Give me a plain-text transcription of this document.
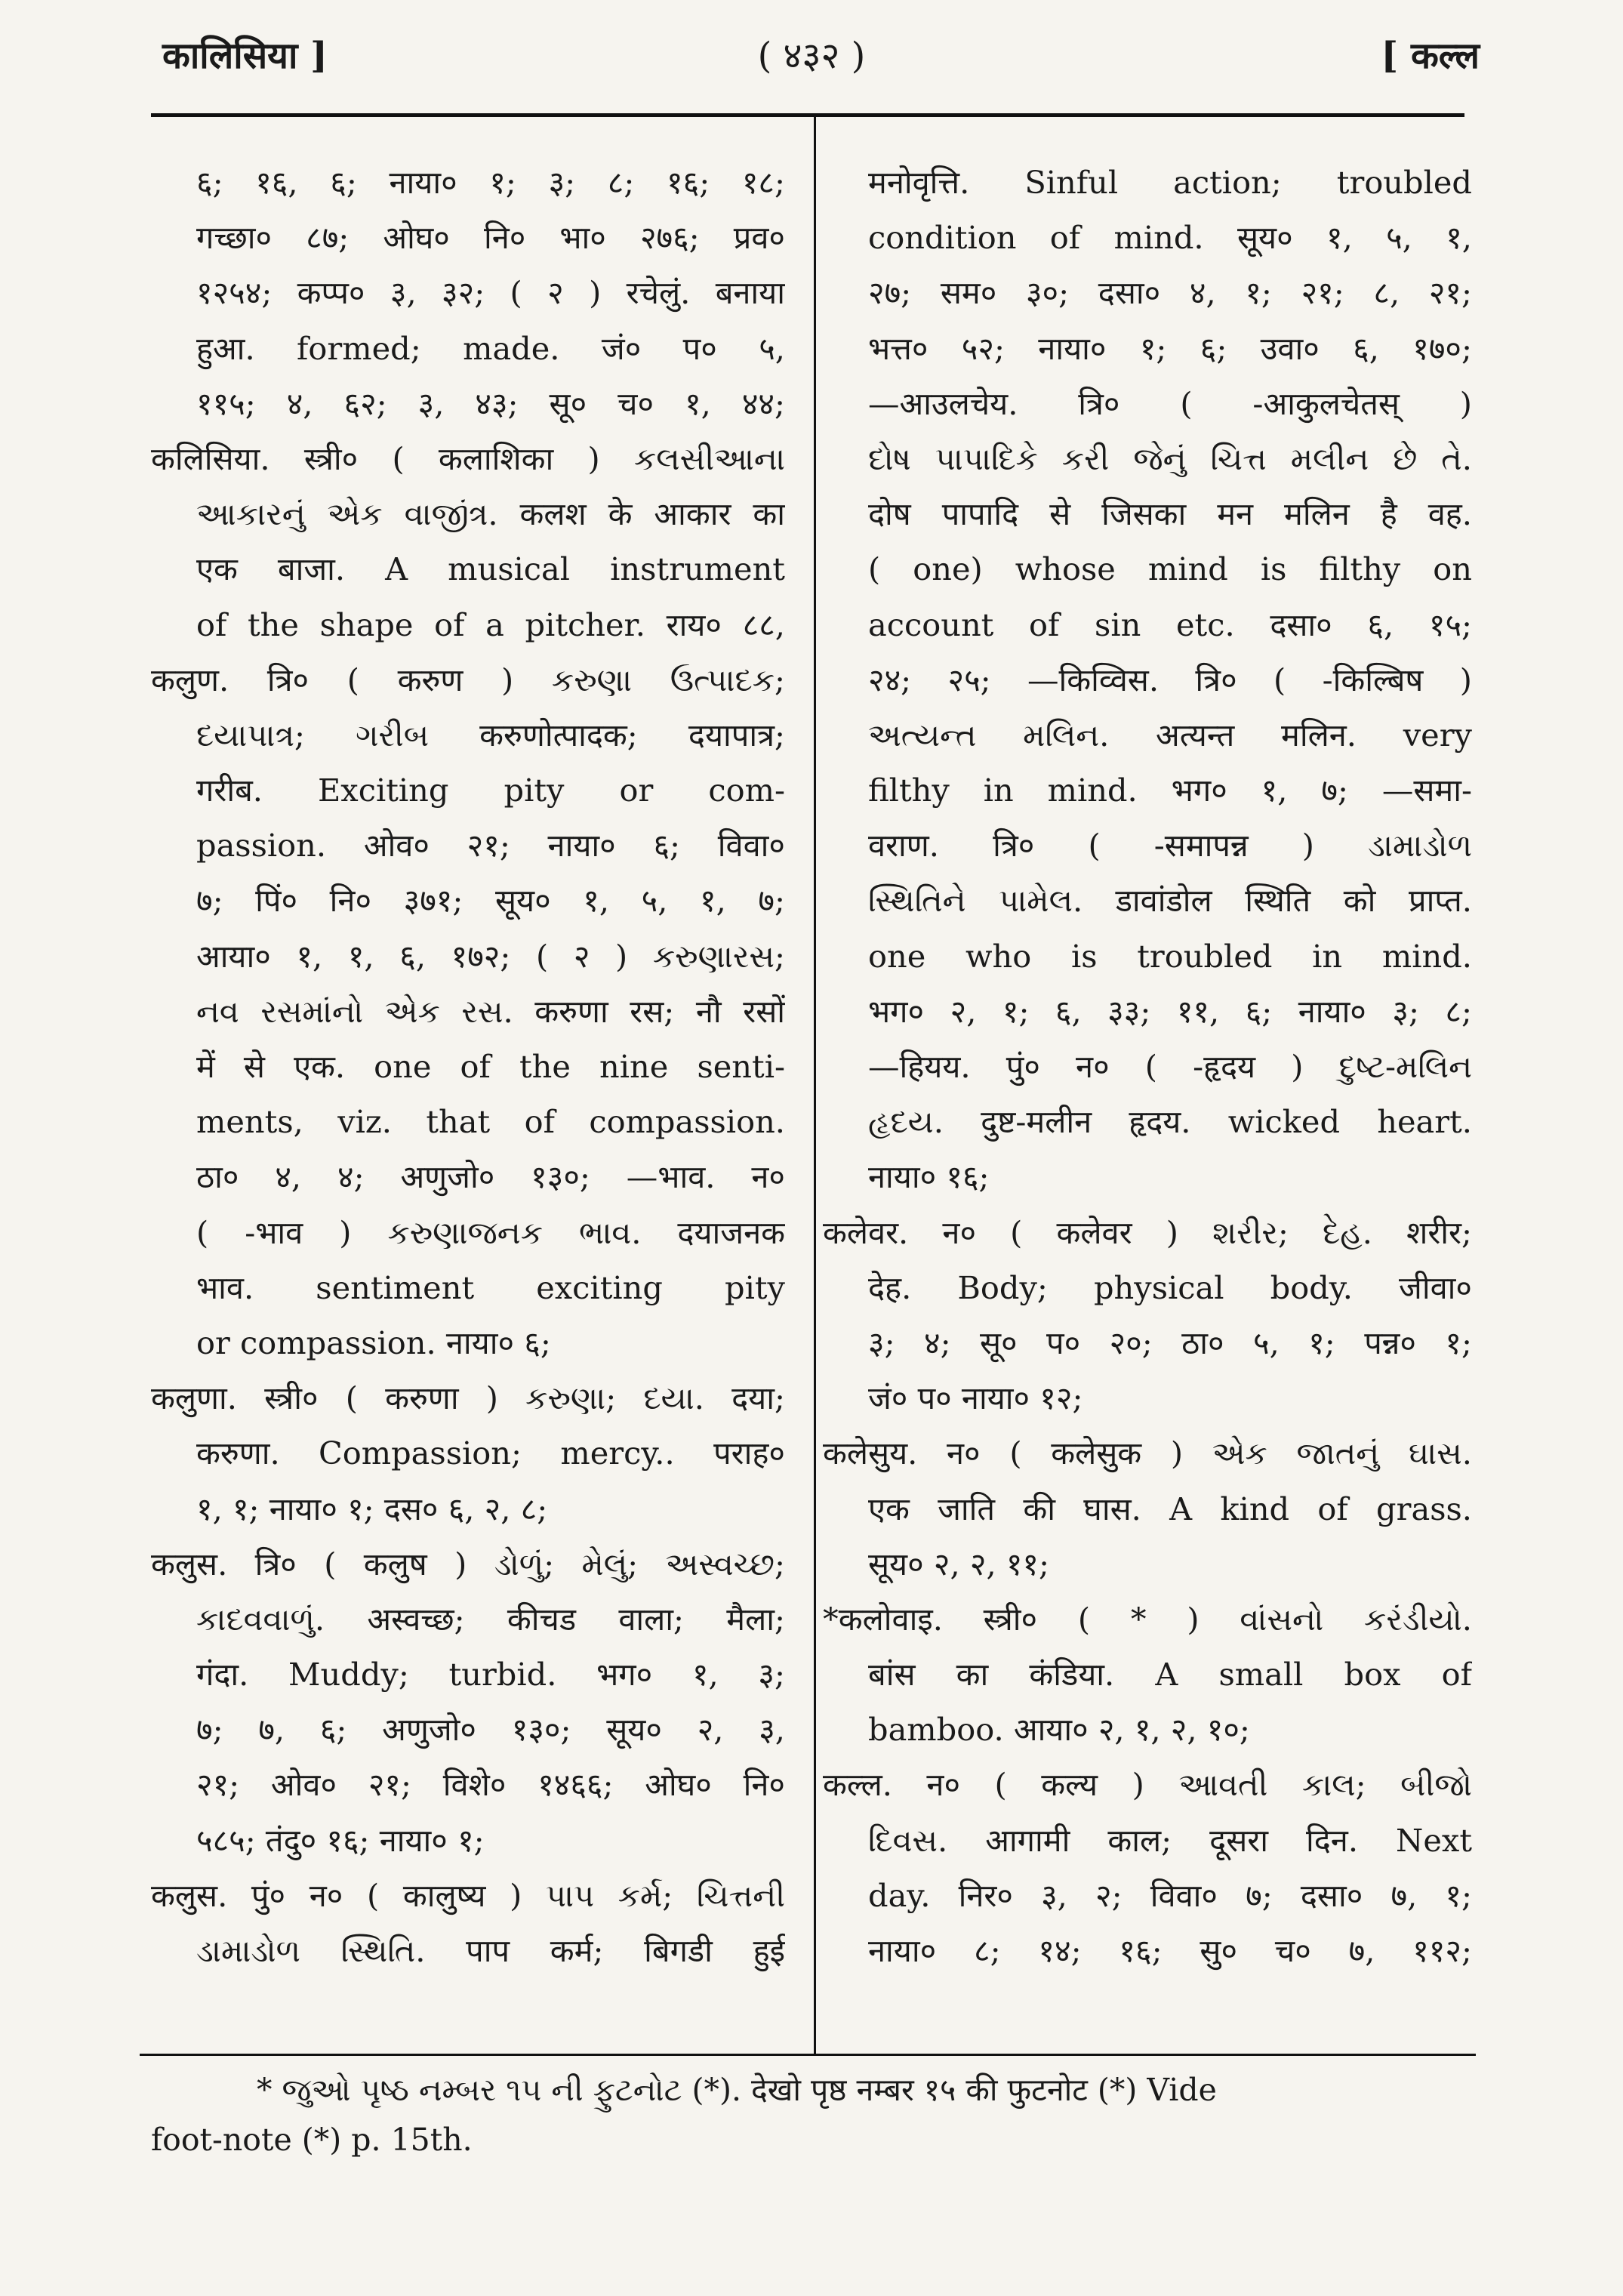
कालिसिया ]	( ४३२ )	[ कल्ल
६; १६, ६; नाया० १; ३; ८; १६; १८;
गच्छा० ८७; ओघ० नि० भा० २७६; प्रव०
१२५४; कप्प० ३, ३२; ( २ ) रचेलुं. बनाया
हुआ. formed; made. जं० प० ५,
११५; ४, ६२; ३, ४३; सू० च० १, ४४;
कलिसिया. स्त्री० ( कलाशिका ) કલસીઆના
આકારનું એક વાજીંત્ર. कलश के आकार का
एक बाजा. A musical instrument
of the shape of a pitcher. राय० ८८,
कलुण. त्रि० ( करुण ) કરુણા ઉત્પાદક;
દયાપાત્ર; ગરીબ करुणोत्पादक; दयापात्र;
गरीब. Exciting pity or com-
passion. ओव० २१; नाया० ६; विवा०
७; पिं० नि० ३७१; सूय० १, ५, १, ७;
आया० १, १, ६, १७२; ( २ ) કરુણારસ;
નવ રસમાંનો એક રસ. करुणा रस; नौ रसों
में से एक. one of the nine senti-
ments, viz. that of compassion.
ठा० ४, ४; अणुजो० १३०; —भाव. न०
( -भाव ) કરુણાજનક ભાવ. दयाजनक
भाव. sentiment exciting pity
or compassion. नाया० ६;
कलुणा. स्त्री० ( करुणा ) કરુણા; દયા. दया;
करुणा. Compassion; mercy.. पराह०
१, १; नाया० १; दस० ६, २, ८;
कलुस. त्रि० ( कलुष ) ડોળું; મેલું; અસ્વચ્છ;
કાદવવાળું. अस्वच्छ; कीचड वाला; मैला;
गंदा. Muddy; turbid. भग० १, ३;
७; ७, ६; अणुजो० १३०; सूय० २, ३,
२१; ओव० २१; विशे० १४६६; ओघ० नि०
५८५; तंदु० १६; नाया० १;
कलुस. पुं० न० ( कालुष्य ) પાપ કર્મ; ચિત્તની
ડામાડોળ સ્થિતિ. पाप कर्म; बिगडी हुई
मनोवृत्ति. Sinful action; troubled
condition of mind. सूय० १, ५, १,
२७; सम० ३०; दसा० ४, १; २१; ८, २१;
भत्त० ५२; नाया० १; ६; उवा० ६, १७०;
—आउलचेय. त्रि० ( -आकुलचेतस् )
દોષ પાપાદિકે કરી જેનું ચિત્ત મલીન છે તે.
दोष पापादि से जिसका मन मलिन है वह.
( one) whose mind is filthy on
account of sin etc. दसा० ६, १५;
२४; २५; —किव्विस. त्रि० ( -किल्बिष )
અત્યન્ત મલિન. अत्यन्त मलिन. very
filthy in mind. भग० १, ७; —समा-
वराण. त्रि० ( -समापन्न ) ડામાડોળ
સ્થિતિને પામેલ. डावांडोल स्थिति को प्राप्त.
one who is troubled in mind.
भग० २, १; ६, ३३; ११, ६; नाया० ३; ८;
—हियय. पुं० न० ( -हृदय ) દુષ્ટ-મલિન
હૃદય. दुष्ट-मलीन हृदय. wicked heart.
नाया० १६;
कलेवर. न० ( कलेवर ) શરીર; દેહ. शरीर;
देह. Body; physical body. जीवा०
३; ४; सू० प० २०; ठा० ५, १; पन्न० १;
जं० प० नाया० १२;
कलेसुय. न० ( कलेसुक ) એક જાતનું ઘાસ.
एक जाति की घास. A kind of grass.
सूय० २, २, ११;
*कलोवाइ. स्त्री० ( * ) વાંસનો કરંડીયો.
बांस का कंडिया. A small box of
bamboo. आया० २, १, २, १०;
कल्ल. न० ( कल्य ) આવતી કાલ; બીજો
દિવસ. आगामी काल; दूसरा दिन. Next
day. निर० ३, २; विवा० ७; दसा० ७, १;
नाया० ८; १४; १६; सु० च० ७, ११२;
* જુઓ પૃષ્ઠ નમ્બર ૧૫ ની ફુટનોટ (*). देखो पृष्ठ नम्बर १५ की फुटनोट (*) Vide
foot-note (*) p. 15th.
